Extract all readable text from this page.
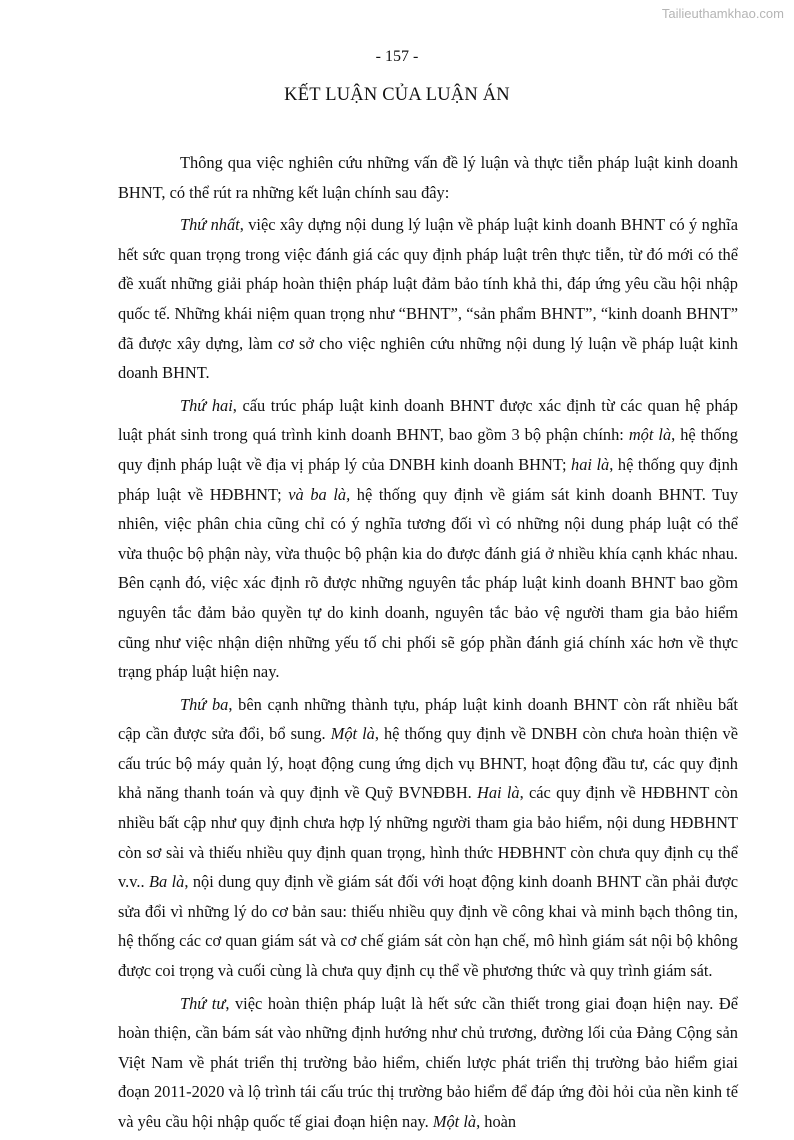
Tailieuthamkhao.com
- 157 -
KẾT LUẬN CỦA LUẬN ÁN

Thông qua việc nghiên cứu những vấn đề lý luận và thực tiễn pháp luật kinh doanh BHNT, có thể rút ra những kết luận chính sau đây:

Thứ nhất, việc xây dựng nội dung lý luận về pháp luật kinh doanh BHNT có ý nghĩa hết sức quan trọng trong việc đánh giá các quy định pháp luật trên thực tiễn, từ đó mới có thể đề xuất những giải pháp hoàn thiện pháp luật đảm bảo tính khả thi, đáp ứng yêu cầu hội nhập quốc tế. Những khái niệm quan trọng như “BHNT”, “sản phẩm BHNT”, “kinh doanh BHNT” đã được xây dựng, làm cơ sở cho việc nghiên cứu những nội dung lý luận về pháp luật kinh doanh BHNT.

Thứ hai, cấu trúc pháp luật kinh doanh BHNT được xác định từ các quan hệ pháp luật phát sinh trong quá trình kinh doanh BHNT, bao gồm 3 bộ phận chính: một là, hệ thống quy định pháp luật về địa vị pháp lý của DNBH kinh doanh BHNT; hai là, hệ thống quy định pháp luật về HĐBHNT; và ba là, hệ thống quy định về giám sát kinh doanh BHNT. Tuy nhiên, việc phân chia cũng chỉ có ý nghĩa tương đối vì có những nội dung pháp luật có thể vừa thuộc bộ phận này, vừa thuộc bộ phận kia do được đánh giá ở nhiều khía cạnh khác nhau. Bên cạnh đó, việc xác định rõ được những nguyên tắc pháp luật kinh doanh BHNT bao gồm nguyên tắc đảm bảo quyền tự do kinh doanh, nguyên tắc bảo vệ người tham gia bảo hiểm cũng như việc nhận diện những yếu tố chi phối sẽ góp phần đánh giá chính xác hơn về thực trạng pháp luật hiện nay.

Thứ ba, bên cạnh những thành tựu, pháp luật kinh doanh BHNT còn rất nhiều bất cập cần được sửa đổi, bổ sung. Một là, hệ thống quy định về DNBH còn chưa hoàn thiện về cấu trúc bộ máy quản lý, hoạt động cung ứng dịch vụ BHNT, hoạt động đầu tư, các quy định khả năng thanh toán và quy định về Quỹ BVNĐBH. Hai là, các quy định về HĐBHNT còn nhiều bất cập như quy định chưa hợp lý những người tham gia bảo hiểm, nội dung HĐBHNT còn sơ sài và thiếu nhiều quy định quan trọng, hình thức HĐBHNT còn chưa quy định cụ thể v.v.. Ba là, nội dung quy định về giám sát đối với hoạt động kinh doanh BHNT cần phải được sửa đổi vì những lý do cơ bản sau: thiếu nhiều quy định về công khai và minh bạch thông tin, hệ thống các cơ quan giám sát và cơ chế giám sát còn hạn chế, mô hình giám sát nội bộ không được coi trọng và cuối cùng là chưa quy định cụ thể về phương thức và quy trình giám sát.

Thứ tư, việc hoàn thiện pháp luật là hết sức cần thiết trong giai đoạn hiện nay. Để hoàn thiện, cần bám sát vào những định hướng như chủ trương, đường lối của Đảng Cộng sản Việt Nam về phát triển thị trường bảo hiểm, chiến lược phát triển thị trường bảo hiểm giai đoạn 2011-2020 và lộ trình tái cấu trúc thị trường bảo hiểm để đáp ứng đòi hỏi của nền kinh tế và yêu cầu hội nhập quốc tế giai đoạn hiện nay. Một là, hoàn
